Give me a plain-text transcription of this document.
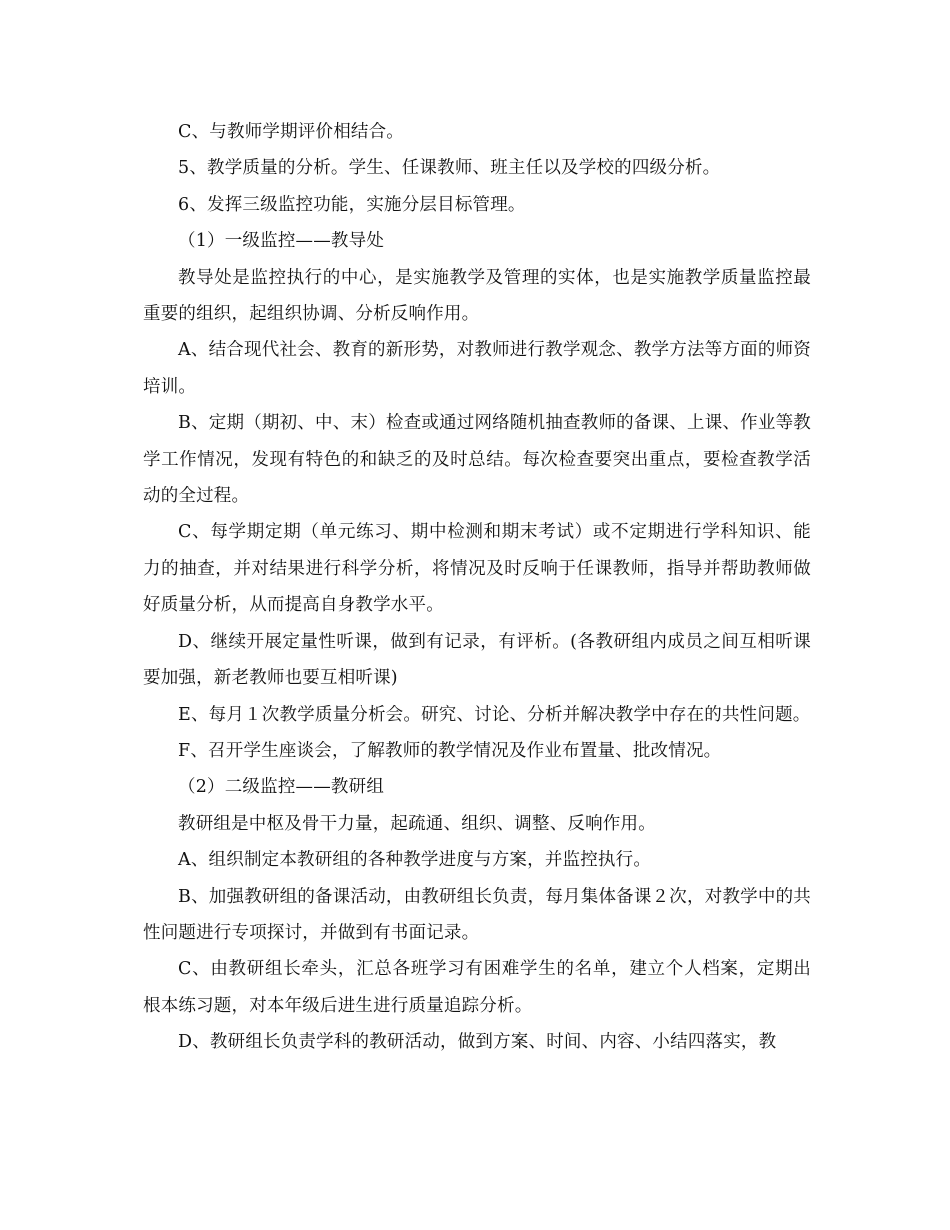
C、与教师学期评价相结合。

5、教学质量的分析。学生、任课教师、班主任以及学校的四级分析。

6、发挥三级监控功能，实施分层目标管理。

（1）一级监控——教导处

教导处是监控执行的中心，是实施教学及管理的实体，也是实施教学质量监控最重要的组织，起组织协调、分析反响作用。

A、结合现代社会、教育的新形势，对教师进行教学观念、教学方法等方面的师资培训。

B、定期（期初、中、末）检查或通过网络随机抽查教师的备课、上课、作业等教学工作情况，发现有特色的和缺乏的及时总结。每次检查要突出重点，要检查教学活动的全过程。

C、每学期定期（单元练习、期中检测和期末考试）或不定期进行学科知识、能力的抽查，并对结果进行科学分析，将情况及时反响于任课教师，指导并帮助教师做好质量分析，从而提高自身教学水平。

D、继续开展定量性听课，做到有记录，有评析。(各教研组内成员之间互相听课要加强，新老教师也要互相听课)

E、每月１次教学质量分析会。研究、讨论、分析并解决教学中存在的共性问题。

F、召开学生座谈会，了解教师的教学情况及作业布置量、批改情况。

（2）二级监控——教研组

教研组是中枢及骨干力量，起疏通、组织、调整、反响作用。

A、组织制定本教研组的各种教学进度与方案，并监控执行。

B、加强教研组的备课活动，由教研组长负责，每月集体备课２次，对教学中的共性问题进行专项探讨，并做到有书面记录。

C、由教研组长牵头，汇总各班学习有困难学生的名单，建立个人档案，定期出根本练习题，对本年级后进生进行质量追踪分析。

D、教研组长负责学科的教研活动，做到方案、时间、内容、小结四落实，教
